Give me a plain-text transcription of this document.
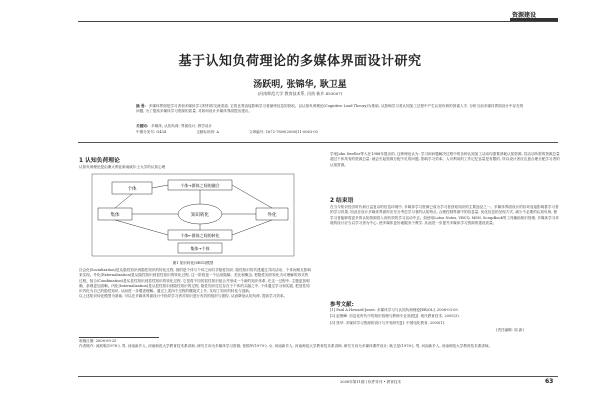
资源建设
基于认知负荷理论的多媒体界面设计研究
汤跃明, 张锦华, 耿卫星
(河南师范大学 教育技术系, 河南 新乡 453007)
摘 要: 多媒体界面是学习者和多媒体学习材料的交流渠道, 它的良莠直接影响学习者最终信息的获取。以认知负荷理论(Cognitive Load Theory)为基础, 从影响学习者认知加工过程中产生认知负荷的因素入手, 分析当前多媒体界面设计中存在的问题, 为了提高多媒体学习资源的质量, 对如何设计多媒体界面提出建议。
关键词: 多媒体; 认知负荷; 界面设计; 教学设计
中图分类号: G434	文献标识码: A	文章编号: 1672-7800(2008)11-0063-03
1 认知负荷理论
认知负荷理论是由澳大利亚新南威尔士大学的认知心理
个体
个体→群体之间的融合
集体	知识转化	外化
个体←群体之间的转化
集体→个体
图1 知识转化(SECI)模型

社会化(Socialization)是从隐性知识到隐性知识的转化过程, 指的是个体与个体之间共享隐性知识, 隐性知识的共建通过共同活动、个体间相互影响来实现。外化(Externalization)是从隐性知识到显性知识的转化过程, 这一阶段是一个运用隐喻、类比和概念, 把隐性知识转化为可理解的形式的过程。组合(Combination)是从显性知识到显性知识的转化过程, 它是将不同的显性知识组合并形成一个新的知识体系, 在这一过程中, 主题更加明确、条理更加清晰。内化(Internalization)是从显性知识到隐性知识的过程, 隐性知识往往存在于个体的头脑之中, 个体通过学习和实践, 把显性知识内化为自己的隐性知识, 从而进一步增进理解。通过上述四个过程的螺旋式上升, 实现了知识的转化与创新。

以上述知识转化模型为基础, 可以在多媒体界面设计中指导学习者对知识进行有效的组织与建构, 从而降低认知负荷, 提高学习效率。

学家John Sweller等人在1988年提出的, 这种理论认为: 学习和问题解决过程中的各种认知加工活动均需要消耗认知资源, 若活动所需的资源总量超过个体具有的资源总量, 就会引起资源分配不足的问题, 影响学习效率。人可利用的工作记忆容量是有限的, 所以设计者应注意合理分配学习者的认知资源。
2 结束语
在当今知识经济时代和日益复杂的信息环境中, 多媒体学习资源已成为学习者获取知识的主要途径之一。多媒体界面设计的好坏直接影响着学习者的学习效果, 因此在设计多媒体界面时应充分考虑学习者的认知特点, 合理控制界面中的信息量, 优化信息的呈现方式, 减少不必要的认知负荷, 使学习者能够将更多的认知资源投入到有效的学习活动中去。如使用Lotus Notes, VBCQ, MSN, ScrapBook等工具辅助知识管理, 多媒体学习环境的设计应当以学习者为中心, 使多媒体更好地服务于教学, 从而进一步提升多媒体学习资源的建设质量。
参考文献:

[1] Paul A.Howard-Jones. 多媒体学习与认知负荷理论[EB/OL]. 2008-03-05.

[2] 赵俊峰. 信息化时代中的知识管理与教师专业发展[J]. 现代教育技术, 2005(3).

[3] 张华. 多媒体学习资源的设计与开发研究[J]. 中国电化教育, 2005(1).

(责任编辑: 周 新)

收稿日期: 2008-09-25

作者简介: 汤跃明(1978-), 男, 河南新乡人, 河南师范大学教育技术系讲师, 研究方向为多媒体学习资源; 张锦华(1979-), 女, 河南新乡人, 河南师范大学教育技术系讲师, 研究方向为多媒体课件设计; 耿卫星(1978-), 男, 河南新乡人, 河南师范大学教育技术系讲师。

2008年第11期 | 软件导刊 • 教育技术	63
